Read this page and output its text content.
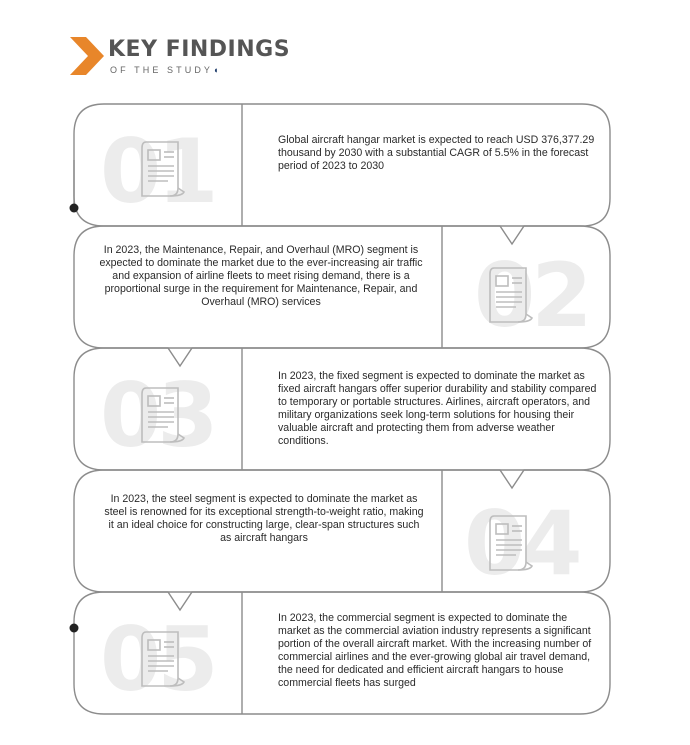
KEY FINDINGS
OF THE STUDY◖
01	Global aircraft hangar market is expected to reach USD 376,377.29 thousand by 2030 with a substantial CAGR of 5.5% in the forecast period of 2023 to 2030
In 2023, the Maintenance, Repair, and Overhaul (MRO) segment is expected to dominate the market due to the ever-increasing air traffic and expansion of airline fleets to meet rising demand, there is a proportional surge in the requirement for Maintenance, Repair, and Overhaul (MRO) services	02
03	In 2023, the fixed segment is expected to dominate the market as fixed aircraft hangars offer superior durability and stability compared to temporary or portable structures. Airlines, aircraft operators, and military organizations seek long-term solutions for housing their valuable aircraft and protecting them from adverse weather conditions.
In 2023, the steel segment is expected to dominate the market as steel is renowned for its exceptional strength-to-weight ratio, making it an ideal choice for constructing large, clear-span structures such as aircraft hangars	04
05	In 2023, the commercial segment is expected to dominate the market as the commercial aviation industry represents a significant portion of the overall aircraft market. With the increasing number of commercial airlines and the ever-growing global air travel demand, the need for dedicated and efficient aircraft hangars to house commercial fleets has surged
